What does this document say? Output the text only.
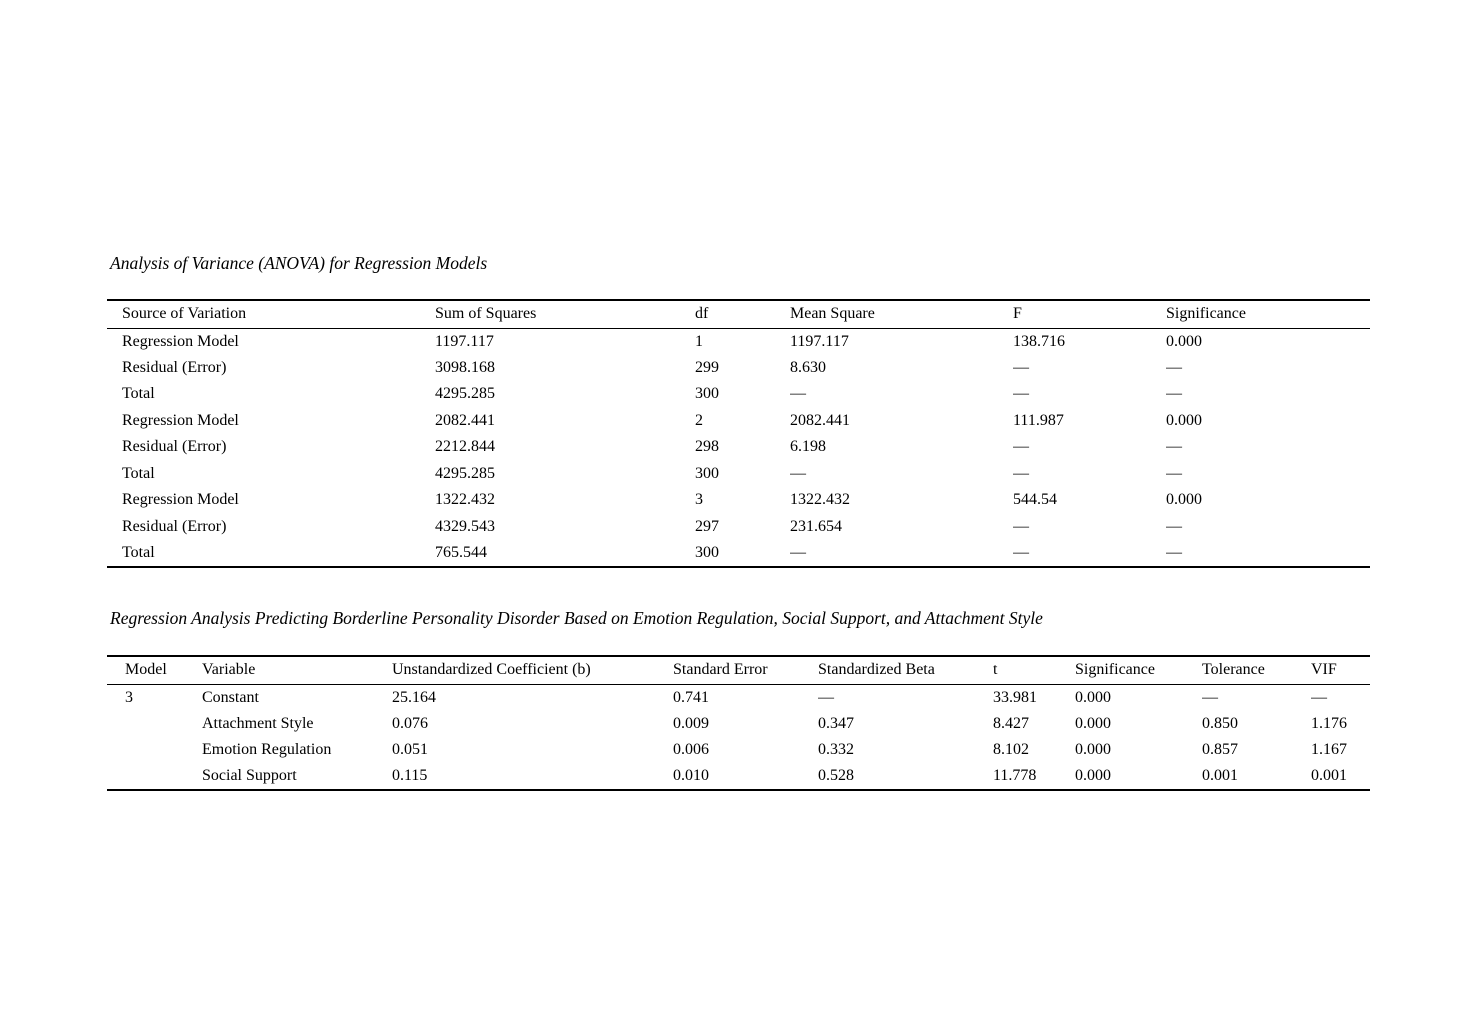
Analysis of Variance (ANOVA) for Regression Models
Source of Variation	Sum of Squares	df	Mean Square	F	Significance
Regression Model	1197.117	1	1197.117	138.716	0.000
Residual (Error)	3098.168	299	8.630	—	—
Total	4295.285	300	—	—	—
Regression Model	2082.441	2	2082.441	111.987	0.000
Residual (Error)	2212.844	298	6.198	—	—
Total	4295.285	300	—	—	—
Regression Model	1322.432	3	1322.432	544.54	0.000
Residual (Error)	4329.543	297	231.654	—	—
Total	765.544	300	—	—	—
Regression Analysis Predicting Borderline Personality Disorder Based on Emotion Regulation, Social Support, and Attachment Style
Model	Variable	Unstandardized Coefficient (b)	Standard Error	Standardized Beta	t	Significance	Tolerance	VIF
3	Constant	25.164	0.741	—	33.981	0.000	—	—
	Attachment Style	0.076	0.009	0.347	8.427	0.000	0.850	1.176
	Emotion Regulation	0.051	0.006	0.332	8.102	0.000	0.857	1.167
	Social Support	0.115	0.010	0.528	11.778	0.000	0.001	0.001
